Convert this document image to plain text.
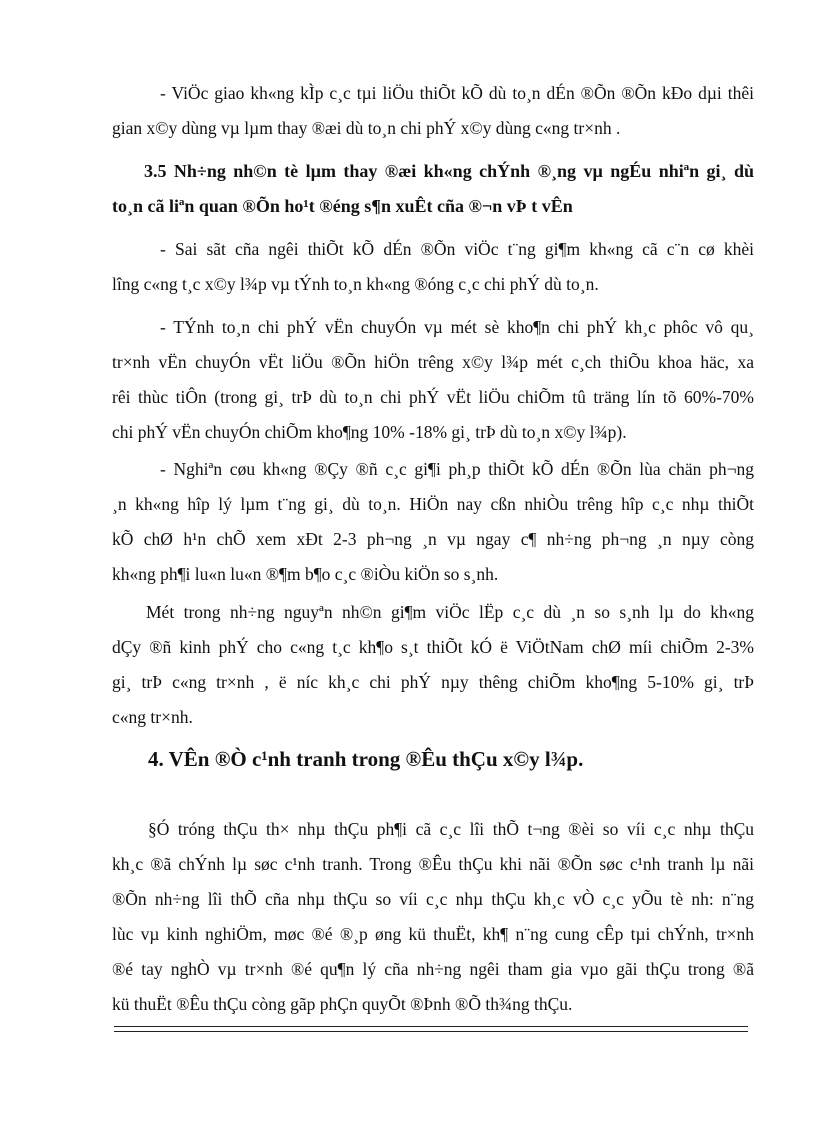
- ViÖc giao kh«ng kÌp c¸c tµi liÖu thiÕt kÕ dù to¸n dÉn ®Õn ®Õn kÐo dµi thêi
gian x©y dùng vµ lµm thay ®æi dù to¸n chi phÝ x©y dùng c«ng tr×nh .
3.5 Nh÷ng nh©n tè lµm thay ®æi kh«ng chÝnh ®¸ng vµ ngÉu nhiªn gi¸ dù
to¸n cã liªn quan ®Õn ho¹t ®éng s¶n xuÊt cña ®¬n vÞ t vÊn
- Sai sãt cña ngêi thiÕt kÕ dÉn ®Õn viÖc t¨ng gi¶m kh«ng cã c¨n cø khèi
lîng c«ng t¸c x©y l¾p vµ tÝnh to¸n kh«ng ®óng c¸c chi phÝ dù to¸n.
- TÝnh to¸n chi phÝ vËn chuyÓn vµ mét sè kho¶n chi phÝ kh¸c phôc vô qu¸
tr×nh vËn chuyÓn vËt liÖu ®Õn hiÖn trêng x©y l¾p mét c¸ch thiÕu khoa häc, xa
rêi thùc tiÔn (trong gi¸ trÞ dù to¸n chi phÝ vËt liÖu chiÕm tû träng lín tõ 60%-70%
chi phÝ vËn chuyÓn chiÕm kho¶ng 10% -18% gi¸ trÞ dù to¸n x©y l¾p).
- Nghiªn cøu kh«ng ®Çy ®ñ c¸c gi¶i ph¸p thiÕt kÕ dÉn ®Õn lùa chän ph¬ng
¸n kh«ng hîp lý lµm t¨ng gi¸ dù to¸n. HiÖn nay cßn nhiÒu trêng hîp c¸c nhµ thiÕt
kÕ chØ h¹n chÕ xem xÐt 2-3 ph¬ng ¸n vµ ngay c¶ nh÷ng ph¬ng ¸n nµy còng
kh«ng ph¶i lu«n lu«n ®¶m b¶o c¸c ®iÒu kiÖn so s¸nh.
Mét trong nh÷ng nguyªn nh©n gi¶m viÖc lËp c¸c dù ¸n so s¸nh lµ do kh«ng
dÇy ®ñ kinh phÝ cho c«ng t¸c kh¶o s¸t thiÕt kÓ ë ViÖtNam chØ míi chiÕm 2-3%
gi¸ trÞ c«ng tr×nh , ë níc kh¸c chi phÝ nµy thêng chiÕm kho¶ng 5-10% gi¸ trÞ
c«ng tr×nh.
4. VÊn ®Ò c¹nh tranh trong ®Êu thÇu x©y l¾p.
§Ó tróng thÇu th× nhµ thÇu ph¶i cã c¸c lîi thÕ t¬ng ®èi so víi c¸c nhµ thÇu
kh¸c ®ã chÝnh lµ søc c¹nh tranh. Trong ®Êu thÇu khi nãi ®Õn søc c¹nh tranh lµ nãi
®Õn nh÷ng lîi thÕ cña nhµ thÇu so víi c¸c nhµ thÇu kh¸c vÒ c¸c yÕu tè nh: n¨ng
lùc vµ kinh nghiÖm, møc ®é ®¸p øng kü thuËt, kh¶ n¨ng cung cÊp tµi chÝnh, tr×nh
®é tay nghÒ vµ tr×nh ®é qu¶n lý cña nh÷ng ngêi tham gia vµo gãi thÇu trong ®ã
kü thuËt ®Êu thÇu còng gãp phÇn quyÕt ®Þnh ®Õ th¾ng thÇu.
